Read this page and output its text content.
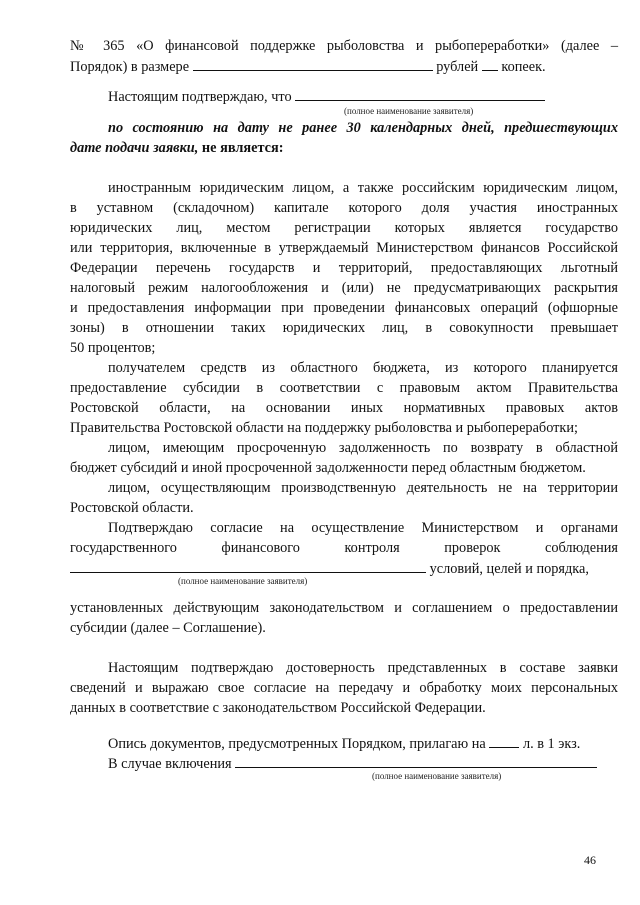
№ 365 «О финансовой поддержке рыболовства и рыбопереработки» (далее –
Порядок) в размере	рублей копеек.
Настоящим подтверждаю, что
(полное наименование заявителя)
по состоянию на дату не ранее 30 календарных дней, предшествующих
дате подачи заявки, не является:
иностранным юридическим лицом, а также российским юридическим лицом,
в уставном (складочном) капитале которого доля участия иностранных
юридических лиц, местом регистрации которых является государство
или территория, включенные в утверждаемый Министерством финансов Российской
Федерации перечень государств и территорий, предоставляющих льготный
налоговый режим налогообложения и (или) не предусматривающих раскрытия
и предоставления информации при проведении финансовых операций (офшорные
зоны) в отношении таких юридических лиц, в совокупности превышает
50 процентов;
получателем средств из областного бюджета, из которого планируется
предоставление субсидии в соответствии с правовым актом Правительства
Ростовской области, на основании иных нормативных правовых актов
Правительства Ростовской области на поддержку рыболовства и рыбопереработки;
лицом, имеющим просроченную задолженность по возврату в областной
бюджет субсидий и иной просроченной задолженности перед областным бюджетом.
лицом, осуществляющим производственную деятельность не на территории
Ростовской области.
Подтверждаю согласие на осуществление Министерством и органами
государственного финансового контроля проверок соблюдения
условий, целей и порядка,
(полное наименование заявителя)
установленных действующим законодательством и соглашением о предоставлении
субсидии (далее – Соглашение).
Настоящим подтверждаю достоверность представленных в составе заявки
сведений и выражаю свое согласие на передачу и обработку моих персональных
данных в соответствие с законодательством Российской Федерации.
Опись документов, предусмотренных Порядком, прилагаю на	л. в 1 экз.
В случае включения
(полное наименование заявителя)
46
